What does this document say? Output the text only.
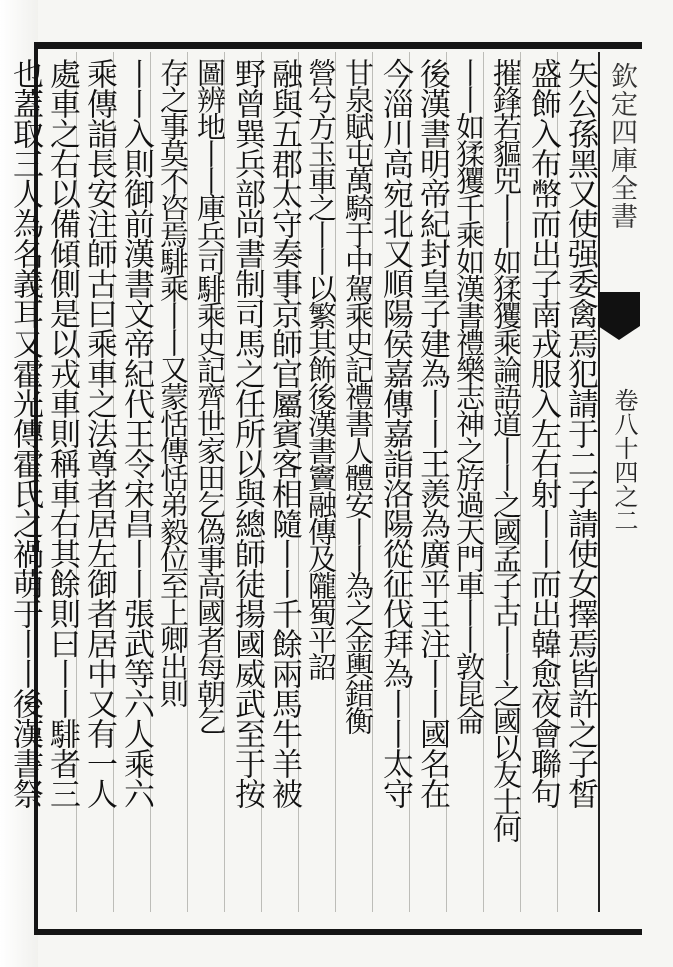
欽定四庫全書
卷八十四之二
矢公孫黑又使强委禽焉犯請于二子請使女擇焉皆許之子皙
盛飾入布幣而出子南戎服入左右射丨丨而出韓愈夜會聯句
摧鋒若貙兕丨丨如猱玃乘論語道丨丨之國孟子古丨丨之國以友士何
丨丨如猱玃千乘如漢書禮樂志神之斿過天門車丨丨敦昆侖
後漢書明帝紀封皇子建為丨丨王羨為廣平王注丨丨國名在
今淄川高宛北又順陽侯嘉傳嘉詣洛陽從征伐拜為丨丨太守
甘泉賦屯萬騎于中駕乘史記禮書人體安丨丨為之金輿錯衡
營兮方玉車之丨丨以繁其飾後漢書竇融傳及隴蜀平詔
融與五郡太守奏事京師官屬賓客相隨丨丨千餘兩馬牛羊被
野曾巽兵部尚書制司馬之任所以與總師徒揚國威武至于按
圖辨地丨丨庫兵司騑乘史記齊世家田乞偽事高國者每朝乞
存之事莫不咨焉騑乘丨丨又蒙恬傳恬弟毅位至上卿出則
丨丨入則御前漢書文帝紀代王令宋昌丨丨張武等六人乘六
乘傳詣長安注師古曰乘車之法尊者居左御者居中又有一人
處車之右以備傾側是以戎車則稱車右其餘則曰丨丨騑者三
也蓋取三人為名義耳又霍光傳霍氏之禍萌于丨丨後漢書祭
